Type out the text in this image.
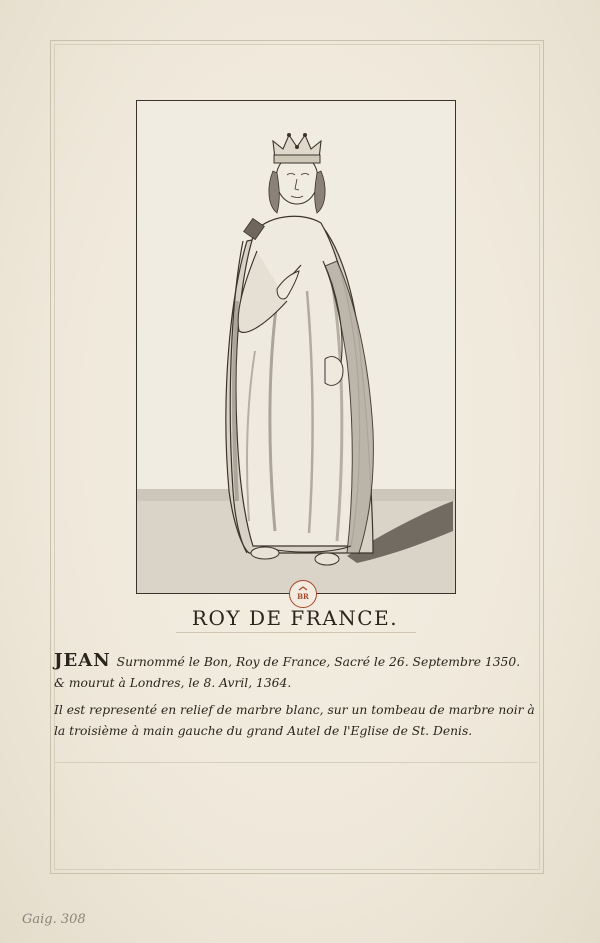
BR
ROY DE FRANCE.
JEAN Surnommé le Bon, Roy de France, Sacré le 26. Septembre 1350.
& mourut à Londres, le 8. Avril, 1364.
Il est representé en relief de marbre blanc, sur un tombeau de marbre noir à
la troisième à main gauche du grand Autel de l'Eglise de St. Denis.
Gaig. 308
